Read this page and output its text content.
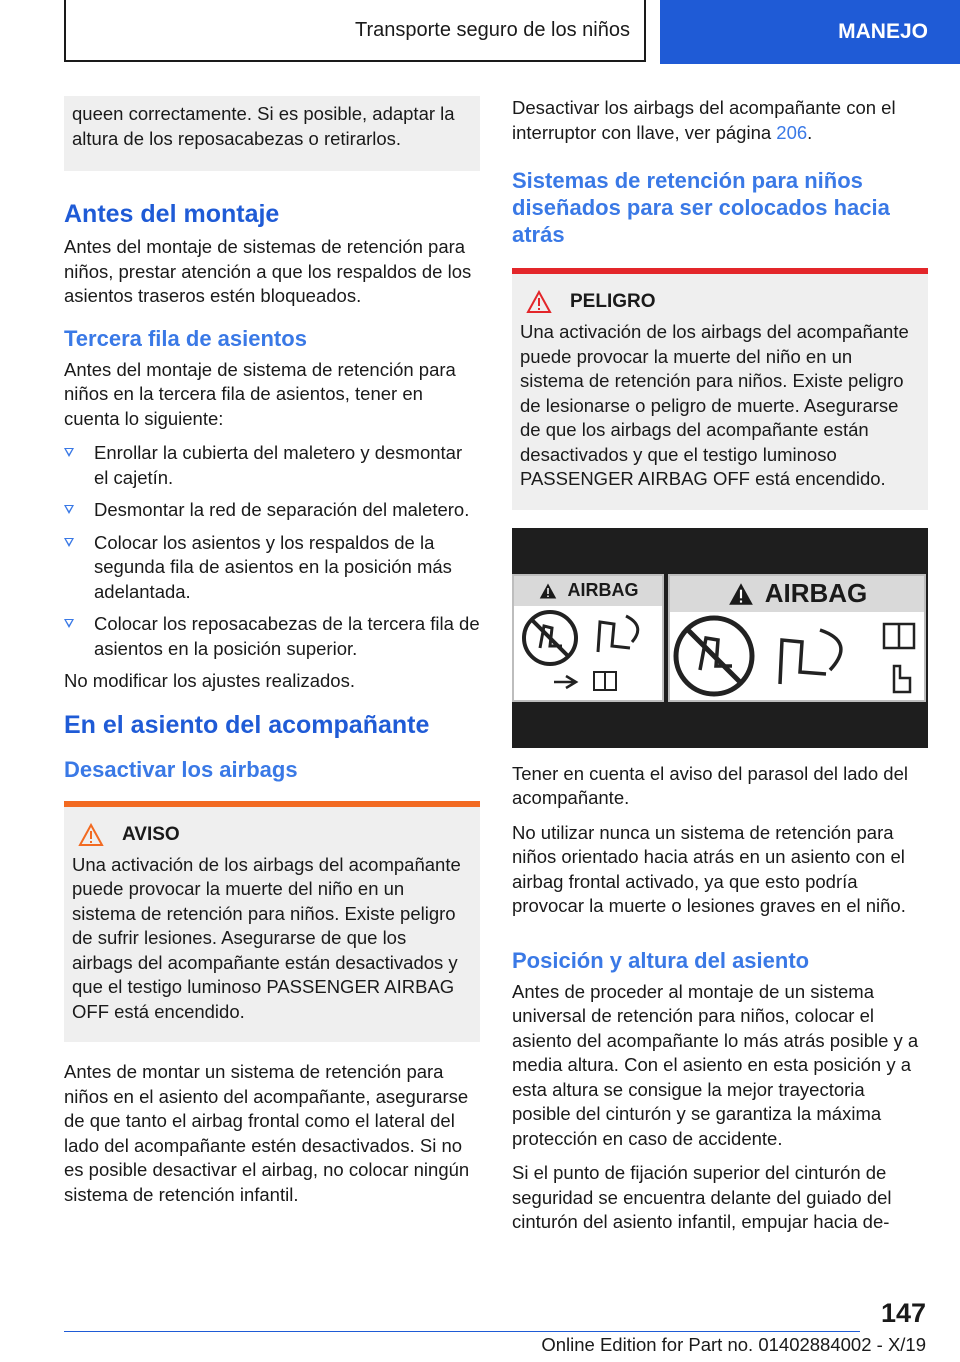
Transporte seguro de los niños	MANEJO

queen correctamente. Si es posible, adaptar la altura de los reposacabezas o retirarlos.

Antes del montaje

Antes del montaje de sistemas de retención para niños, prestar atención a que los respaldos de los asientos traseros estén bloqueados.

Tercera fila de asientos

Antes del montaje de sistema de retención para niños en la tercera fila de asientos, tener en cuenta lo siguiente:

Enrollar la cubierta del maletero y desmontar el cajetín.
Desmontar la red de separación del maletero.
Colocar los asientos y los respaldos de la segunda fila de asientos en la posición más adelantada.
Colocar los reposacabezas de la tercera fila de asientos en la posición superior.

No modificar los ajustes realizados.

En el asiento del acompañante
Desactivar los airbags
AVISO

Una activación de los airbags del acompañante puede provocar la muerte del niño en un sistema de retención para niños. Existe peligro de sufrir lesiones. Asegurarse de que los airbags del acompañante están desactivados y que el testigo luminoso PASSENGER AIRBAG OFF está encendido.

Antes de montar un sistema de retención para niños en el asiento del acompañante, asegurarse de que tanto el airbag frontal como el lateral del lado del acompañante estén desactivados. Si no es posible desactivar el airbag, no colocar ningún sistema de retención infantil.

Desactivar los airbags del acompañante con el interruptor con llave, ver página 206.

Sistemas de retención para niños diseñados para ser colocados hacia atrás
PELIGRO

Una activación de los airbags del acompañante puede provocar la muerte del niño en un sistema de retención para niños. Existe peligro de lesionarse o peligro de muerte. Asegurarse de que los airbags del acompañante están desactivados y que el testigo luminoso PASSENGER AIRBAG OFF está encendido.

AIRBAG	AIRBAG

Tener en cuenta el aviso del parasol del lado del acompañante.

No utilizar nunca un sistema de retención para niños orientado hacia atrás en un asiento con el airbag frontal activado, ya que esto podría provocar la muerte o lesiones graves en el niño.

Posición y altura del asiento

Antes de proceder al montaje de un sistema universal de retención para niños, colocar el asiento del acompañante lo más atrás posible y a media altura. Con el asiento en esta posición y a esta altura se consigue la mejor trayectoria posible del cinturón y se garantiza la máxima protección en caso de accidente.

Si el punto de fijación superior del cinturón de seguridad se encuentra delante del guiado del cinturón del asiento infantil, empujar hacia de-

147
Online Edition for Part no. 01402884002 - X/19
